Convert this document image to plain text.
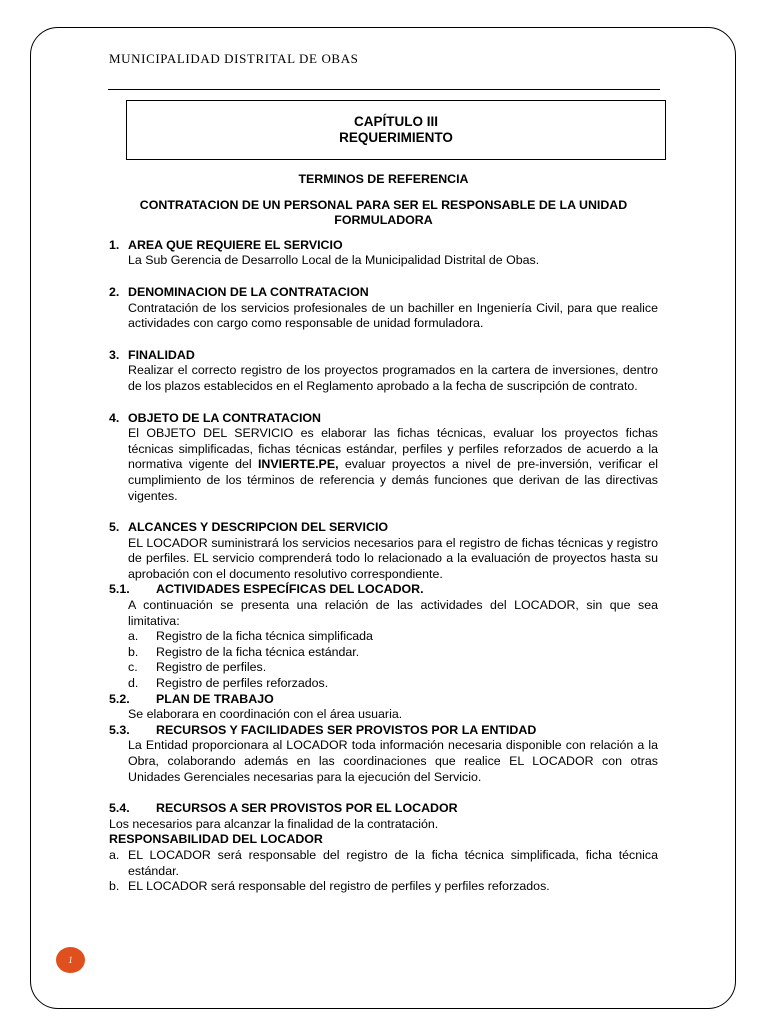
MUNICIPALIDAD DISTRITAL DE OBAS
CAPÍTULO III
REQUERIMIENTO
TERMINOS DE REFERENCIA
CONTRATACION DE UN PERSONAL PARA SER EL RESPONSABLE DE LA UNIDAD FORMULADORA
1. AREA QUE REQUIERE EL SERVICIO
La Sub Gerencia de Desarrollo Local de la Municipalidad Distrital de Obas.
2. DENOMINACION DE LA CONTRATACION
Contratación de los servicios profesionales de un bachiller en Ingeniería Civil, para que realice actividades con cargo como responsable de unidad formuladora.
3. FINALIDAD
Realizar el correcto registro de los proyectos programados en la cartera de inversiones, dentro de los plazos establecidos en el Reglamento aprobado a la fecha de suscripción de contrato.
4. OBJETO DE LA CONTRATACION
El OBJETO DEL SERVICIO es elaborar las fichas técnicas, evaluar los proyectos fichas técnicas simplificadas, fichas técnicas estándar, perfiles y perfiles reforzados de acuerdo a la normativa vigente del INVIERTE.PE, evaluar proyectos a nivel de pre-inversión, verificar el cumplimiento de los términos de referencia y demás funciones que derivan de las directivas vigentes.
5. ALCANCES Y DESCRIPCION DEL SERVICIO
EL LOCADOR suministrará los servicios necesarios para el registro de fichas técnicas y registro de perfiles. EL servicio comprenderá todo lo relacionado a la evaluación de proyectos hasta su aprobación con el documento resolutivo correspondiente.
5.1.	ACTIVIDADES ESPECÍFICAS DEL LOCADOR.
A continuación se presenta una relación de las actividades del LOCADOR, sin que sea limitativa:
a.	Registro de la ficha técnica simplificada
b.	Registro de la ficha técnica estándar.
c.	Registro de perfiles.
d.	Registro de perfiles reforzados.
5.2.	PLAN DE TRABAJO
Se elaborara en coordinación con el área usuaria.
5.3.	RECURSOS Y FACILIDADES SER PROVISTOS POR LA ENTIDAD
La Entidad proporcionara al LOCADOR toda información necesaria disponible con relación a la Obra, colaborando además en las coordinaciones que realice EL LOCADOR con otras Unidades Gerenciales necesarias para la ejecución del Servicio.
5.4.	RECURSOS A SER PROVISTOS POR EL LOCADOR
Los necesarios para alcanzar la finalidad de la contratación.
RESPONSABILIDAD DEL LOCADOR
a. EL LOCADOR será responsable del registro de la ficha técnica simplificada, ficha técnica estándar.
b. EL LOCADOR será responsable del registro de perfiles y perfiles reforzados.
1
